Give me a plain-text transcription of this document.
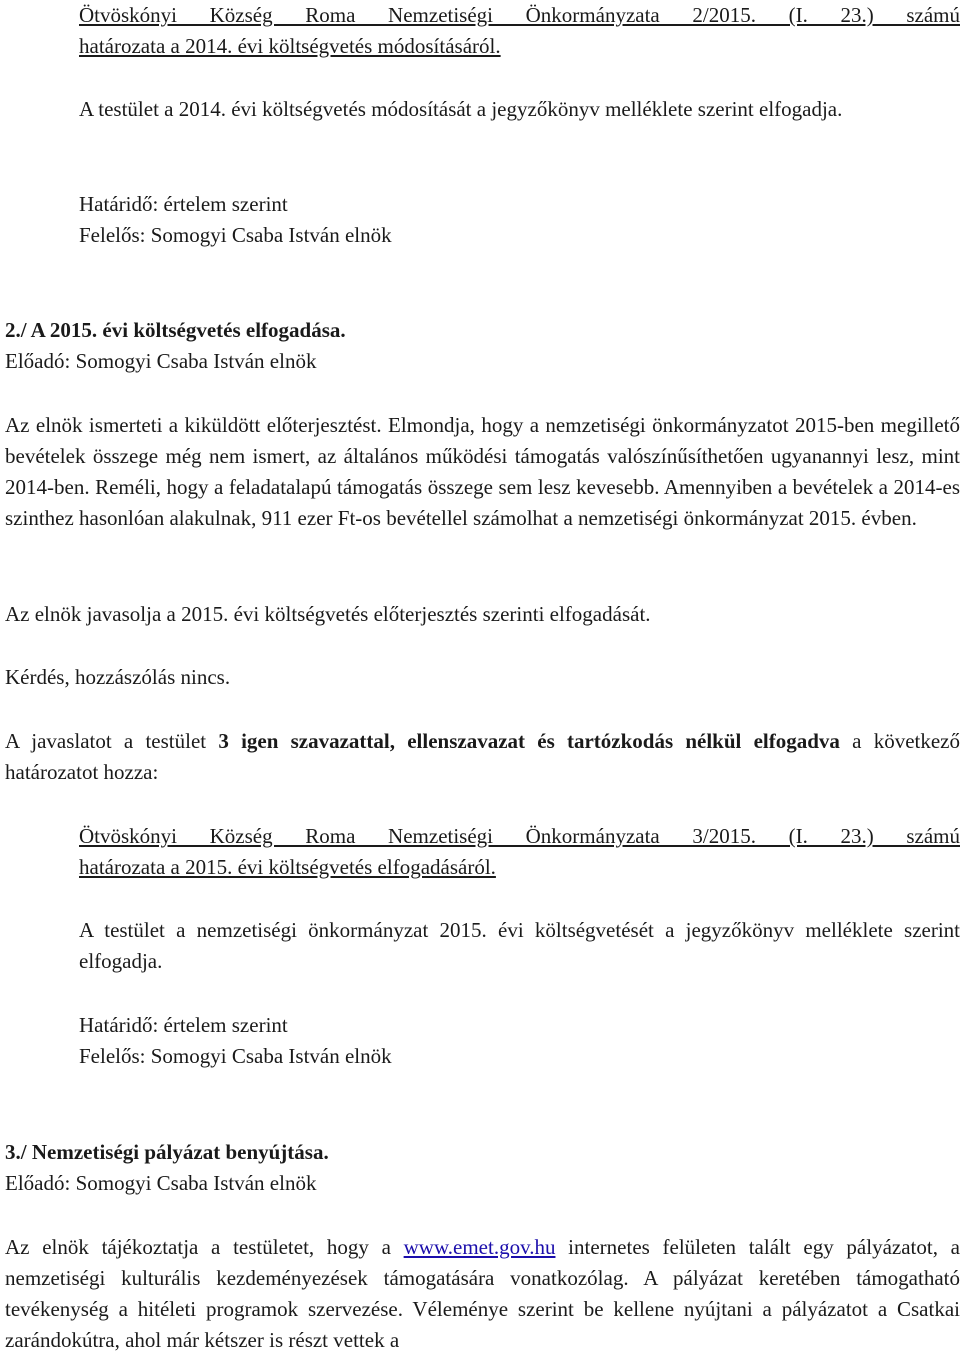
Ötvöskónyi Község Roma Nemzetiségi Önkormányzata 2/2015. (I. 23.) számú
határozata a 2014. évi költségvetés módosításáról.

A testület a 2014. évi költségvetés módosítását a jegyzőkönyv melléklete szerint elfogadja.

Határidő: értelem szerint

Felelős: Somogyi Csaba István elnök

2./ A 2015. évi költségvetés elfogadása.

Előadó: Somogyi Csaba István elnök

Az elnök ismerteti a kiküldött előterjesztést. Elmondja, hogy a nemzetiségi önkormányzatot 2015-ben megillető bevételek összege még nem ismert, az általános működési támogatás valószínűsíthetően ugyanannyi lesz, mint 2014-ben. Reméli, hogy a feladatalapú támogatás összege sem lesz kevesebb. Amennyiben a bevételek a 2014-es szinthez hasonlóan alakulnak, 911 ezer Ft-os bevétellel számolhat a nemzetiségi önkormányzat 2015. évben.

Az elnök javasolja a 2015. évi költségvetés előterjesztés szerinti elfogadását.

Kérdés, hozzászólás nincs.

A javaslatot a testület 3 igen szavazattal, ellenszavazat és tartózkodás nélkül elfogadva a következő határozatot hozza:

Ötvöskónyi Község Roma Nemzetiségi Önkormányzata 3/2015. (I. 23.) számú
határozata a 2015. évi költségvetés elfogadásáról.

A testület a nemzetiségi önkormányzat 2015. évi költségvetését a jegyzőkönyv melléklete szerint elfogadja.

Határidő: értelem szerint

Felelős: Somogyi Csaba István elnök

3./ Nemzetiségi pályázat benyújtása.

Előadó: Somogyi Csaba István elnök

Az elnök tájékoztatja a testületet, hogy a www.emet.gov.hu internetes felületen talált egy pályázatot, a nemzetiségi kulturális kezdeményezések támogatására vonatkozólag. A pályázat keretében támogatható tevékenység a hitéleti programok szervezése. Véleménye szerint be kellene nyújtani a pályázatot a Csatkai zarándokútra, ahol már kétszer is részt vettek a
